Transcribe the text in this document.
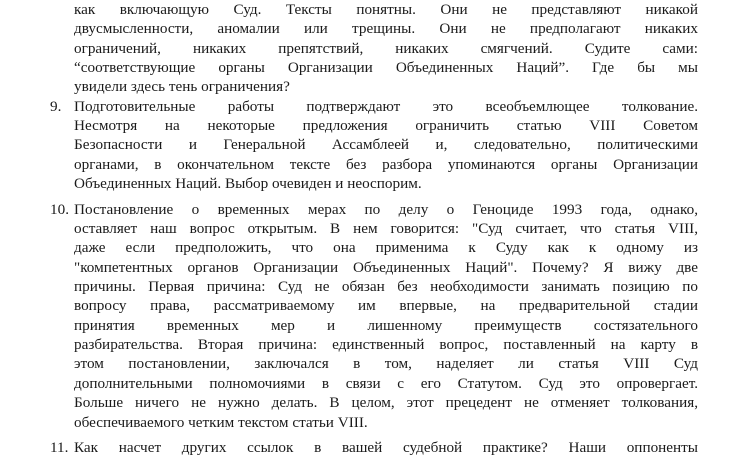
как включающую Суд. Тексты понятны. Они не представляют никакой
двусмысленности, аномалии или трещины. Они не предполагают никаких
ограничений, никаких препятствий, никаких смягчений. Судите сами:
“соответствующие органы Организации Объединенных Наций”. Где бы мы
увидели здесь тень ограничения?
9. Подготовительные работы подтверждают это всеобъемлющее толкование.
Несмотря на некоторые предложения ограничить статью VIII Советом
Безопасности и Генеральной Ассамблеей и, следовательно, политическими
органами, в окончательном тексте без разбора упоминаются органы Организации
Объединенных Наций. Выбор очевиден и неоспорим.
10. Постановление о временных мерах по делу о Геноциде 1993 года, однако,
оставляет наш вопрос открытым. В нем говорится: "Суд считает, что статья VIII,
даже если предположить, что она применима к Суду как к одному из
"компетентных органов Организации Объединенных Наций". Почему? Я вижу две
причины. Первая причина: Суд не обязан без необходимости занимать позицию по
вопросу права, рассматриваемому им впервые, на предварительной стадии
принятия временных мер и лишенному преимуществ состязательного
разбирательства. Вторая причина: единственный вопрос, поставленный на карту в
этом постановлении, заключался в том, наделяет ли статья VIII Суд
дополнительными полномочиями в связи с его Статутом. Суд это опровергает.
Больше ничего не нужно делать. В целом, этот прецедент не отменяет толкования,
обеспечиваемого четким текстом статьи VIII.
11. Как насчет других ссылок в вашей судебной практике? Наши оппоненты
